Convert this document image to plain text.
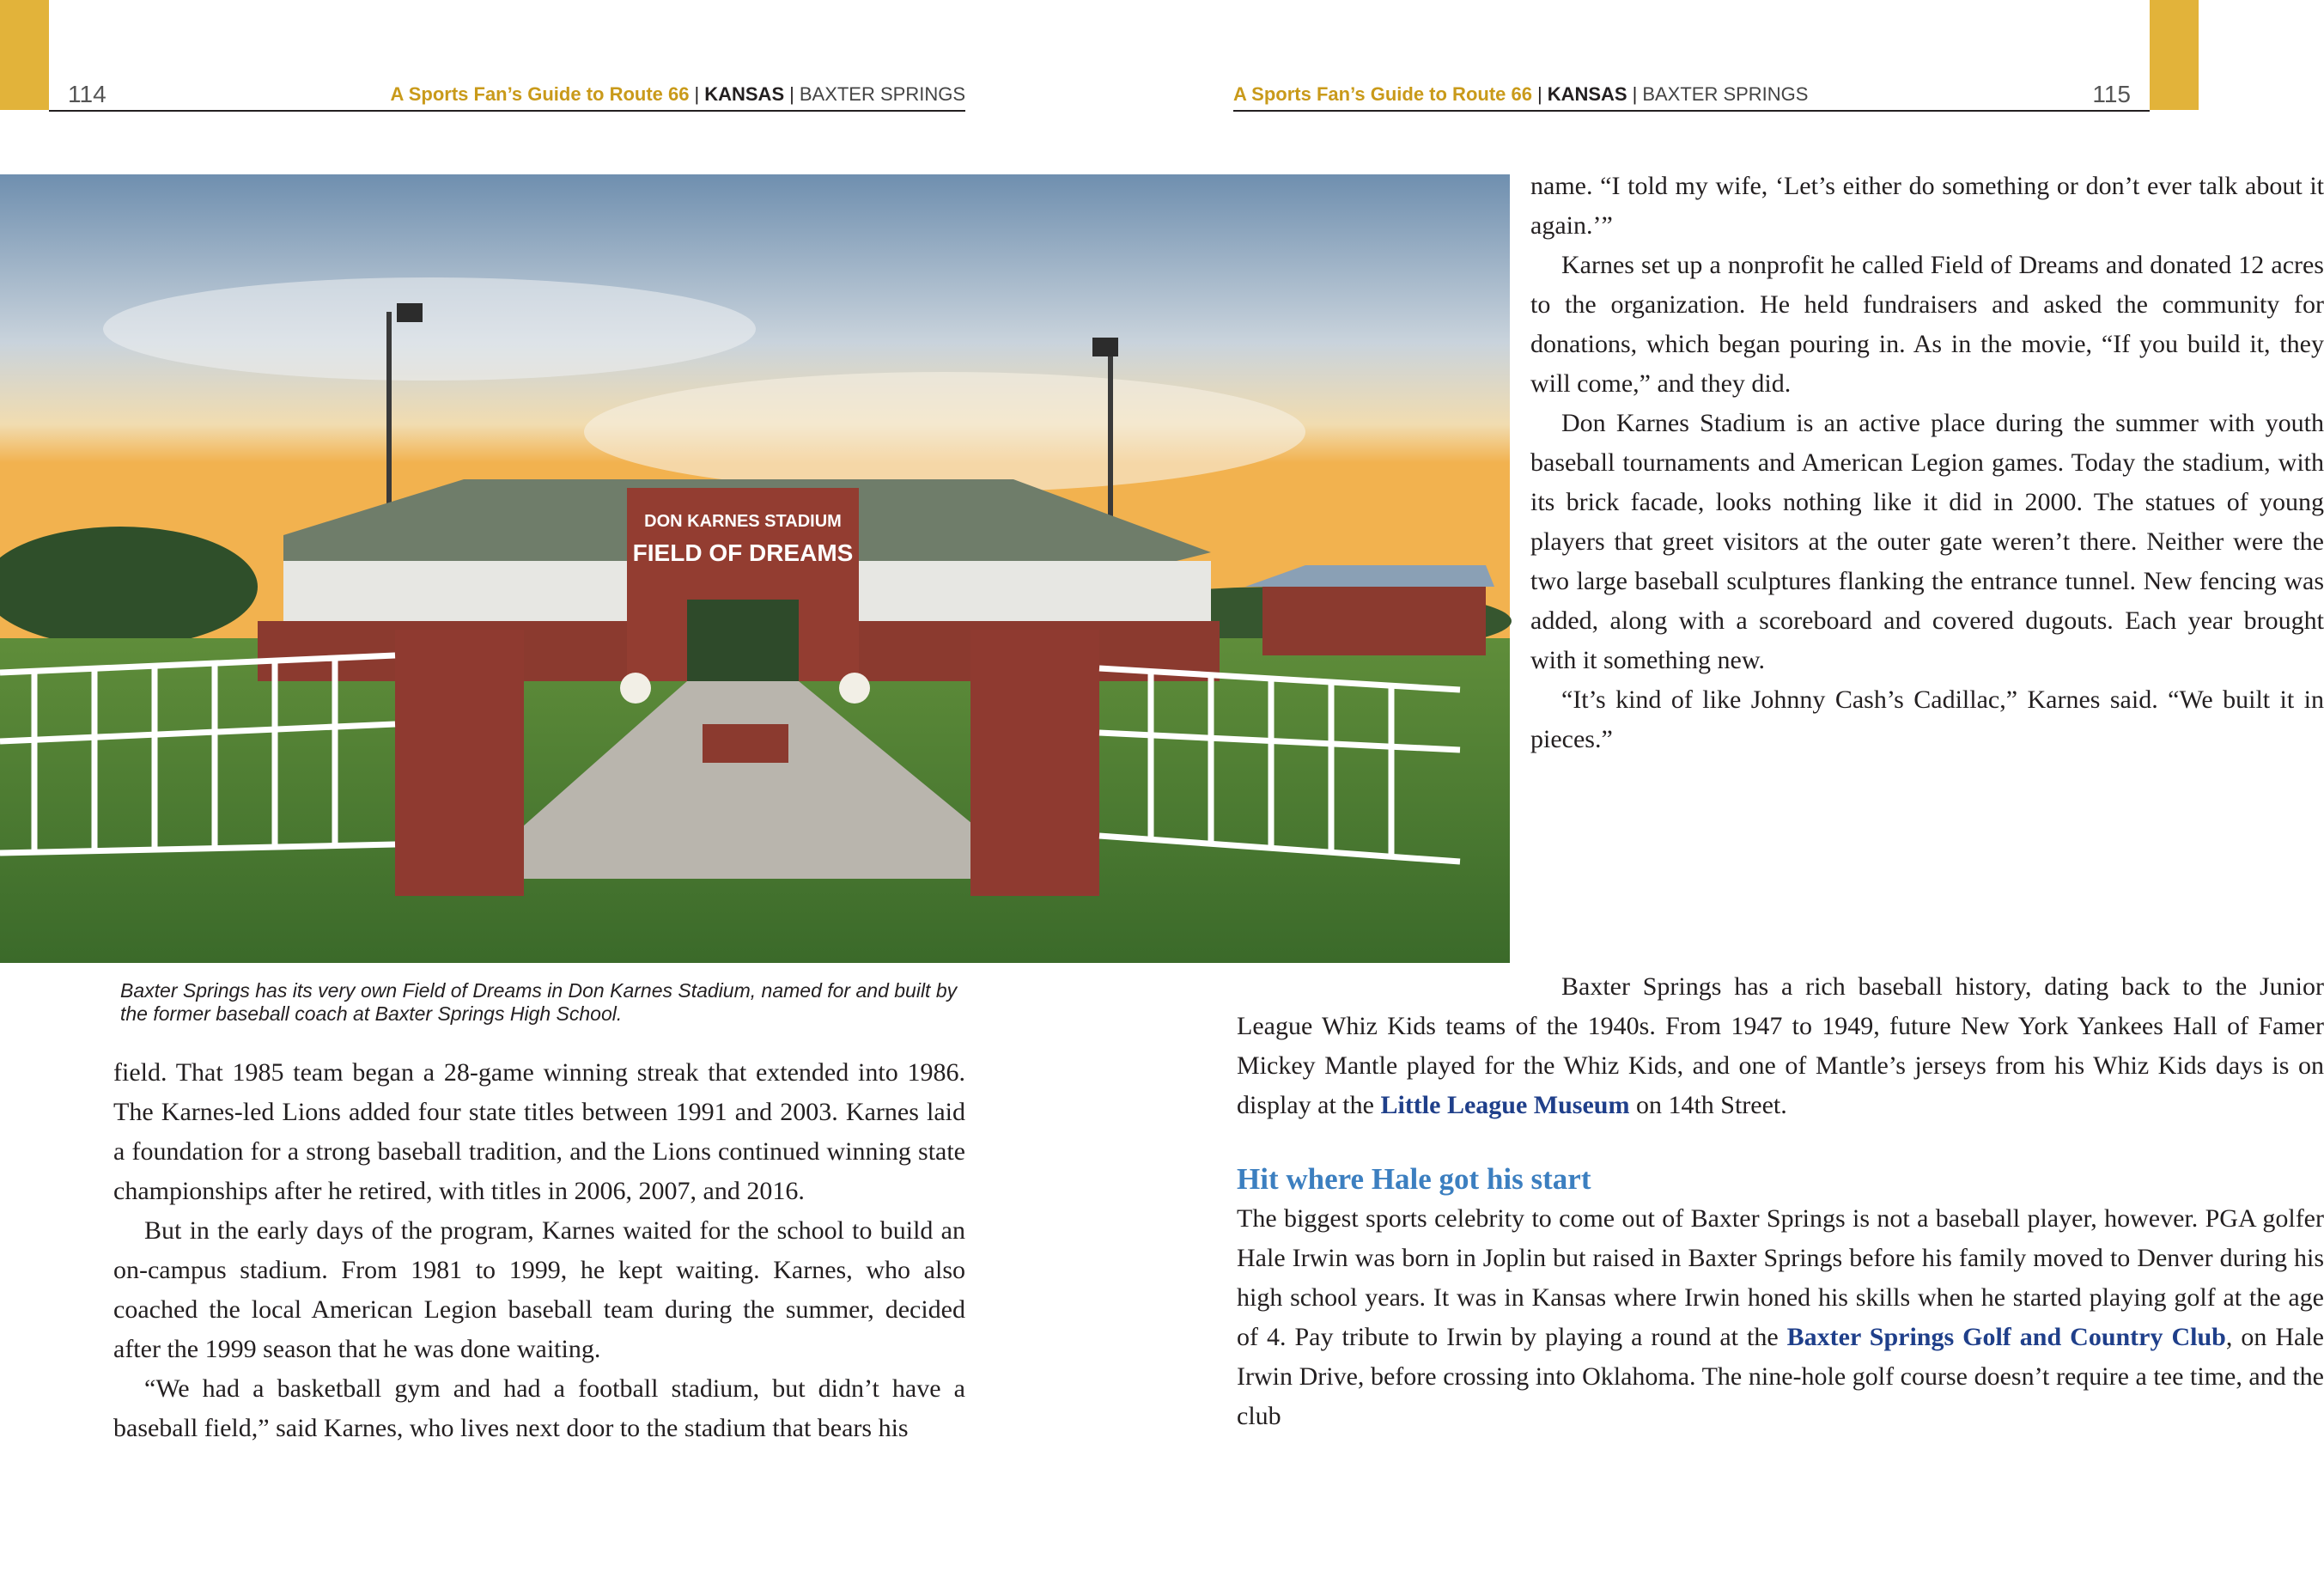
114	A Sports Fan’s Guide to Route 66 | KANSAS | BAXTER SPRINGS
Baxter Springs has its very own Field of Dreams in Don Karnes Stadium, named for and built by the former baseball coach at Baxter Springs High School.

field. That 1985 team began a 28-game winning streak that extended into 1986. The Karnes-led Lions added four state titles between 1991 and 2003. Karnes laid a foundation for a strong baseball tradition, and the Lions continued winning state championships after he retired, with titles in 2006, 2007, and 2016.

But in the early days of the program, Karnes waited for the school to build an on-campus stadium. From 1981 to 1999, he kept waiting. Karnes, who also coached the local American Legion baseball team during the summer, decided after the 1999 season that he was done waiting.

“We had a basketball gym and had a football stadium, but didn’t have a baseball field,” said Karnes, who lives next door to the stadium that bears his

DON KARNES STADIUM
FIELD OF DREAMS
A Sports Fan’s Guide to Route 66 | KANSAS | BAXTER SPRINGS	115

name. “I told my wife, ‘Let’s either do something or don’t ever talk about it again.’”

Karnes set up a nonprofit he called Field of Dreams and donated 12 acres to the organization. He held fundraisers and asked the community for donations, which began pouring in. As in the movie, “If you build it, they will come,” and they did.

Don Karnes Stadium is an active place during the summer with youth baseball tournaments and American Legion games. Today the stadium, with its brick facade, looks nothing like it did in 2000. The statues of young players that greet visitors at the outer gate weren’t there. Neither were the two large baseball sculptures flanking the entrance tunnel. New fencing was added, along with a scoreboard and covered dugouts. Each year brought with it something new.

“It’s kind of like Johnny Cash’s Cadillac,” Karnes said. “We built it in pieces.”

Baxter Springs has a rich baseball history, dating back to the Junior League Whiz Kids teams of the 1940s. From 1947 to 1949, future New York Yankees Hall of Famer Mickey Mantle played for the Whiz Kids, and one of Mantle’s jerseys from his Whiz Kids days is on display at the Little League Museum on 14th Street.

Hit where Hale got his start

The biggest sports celebrity to come out of Baxter Springs is not a baseball player, however. PGA golfer Hale Irwin was born in Joplin but raised in Baxter Springs before his family moved to Denver during his high school years. It was in Kansas where Irwin honed his skills when he started playing golf at the age of 4. Pay tribute to Irwin by playing a round at the Baxter Springs Golf and Country Club, on Hale Irwin Drive, before crossing into Oklahoma. The nine-hole golf course doesn’t require a tee time, and the club
